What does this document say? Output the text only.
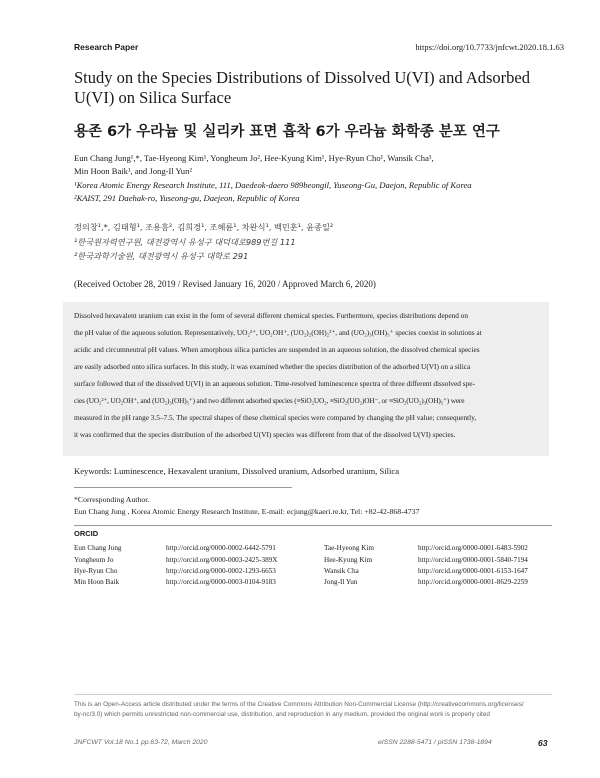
Research Paper	https://doi.org/10.7733/jnfcwt.2020.18.1.63
Study on the Species Distributions of Dissolved U(VI) and Adsorbed U(VI) on Silica Surface
용존 6가 우라늄 및 실리카 표면 흡착 6가 우라늄 화학종 분포 연구
Eun Chang Jung¹,*, Tae-Hyeong Kim¹, Yongheum Jo², Hee-Kyung Kim¹, Hye-Ryun Cho¹, Wansik Cha¹,
Min Hoon Baik¹, and Jong-Il Yun²
¹Korea Atomic Energy Research Institute, 111, Daedeok-daero 989beongil, Yuseong-Gu, Daejon, Republic of Korea
²KAIST, 291 Daehak-ro, Yuseong-gu, Daejeon, Republic of Korea
정의창¹,*, 김태형¹, 조용흠², 김희경¹, 조혜륜¹, 차완식¹, 백민훈¹, 윤종일²
¹한국원자력연구원, 대전광역시 유성구 대덕대로989번길 111
²한국과학기술원, 대전광역시 유성구 대학로 291
(Received October 28, 2019 / Revised January 16, 2020 / Approved March 6, 2020)
Dissolved hexavalent uranium can exist in the form of several different chemical species. Furthermore, species distributions depend on
the pH value of the aqueous solution. Representatively, UO₂²⁺, UO₂OH⁺, (UO₂)₂(OH)₂²⁺, and (UO₂)₃(OH)₅⁺ species coexist in solutions at
acidic and circumneutral pH values. When amorphous silica particles are suspended in an aqueous solution, the dissolved chemical species
are easily adsorbed onto silica surfaces. In this study, it was examined whether the species distribution of the adsorbed U(VI) on a silica
surface followed that of the dissolved U(VI) in an aqueous solution. Time-resolved luminescence spectra of three different dissolved spe-
cies (UO₂²⁺, UO₂OH⁺, and (UO₂)₃(OH)₅⁺) and two different adsorbed species (≡SiO₂UO₂, ≡SiO₂(UO₂)OH⁻, or ≡SiO₂(UO₂)₃(OH)₅⁺) were
measured in the pH range 3.5–7.5. The spectral shapes of these chemical species were compared by changing the pH value; consequently,
it was confirmed that the species distribution of the adsorbed U(VI) species was different from that of the dissolved U(VI) species.
Keywords: Luminescence, Hexavalent uranium, Dissolved uranium, Adsorbed uranium, Silica
*Corresponding Author.
Eun Chang Jung , Korea Atomic Energy Research Institute, E-mail: ecjung@kaeri.re.kr, Tel: +82-42-868-4737
ORCID
Eun Chang Jung	http://orcid.org/0000-0002-6442-5791	Tae-Hyeong Kim	http://orcid.org/0000-0001-6483-5902
Yongheum Jo	http://orcid.org/0000-0003-2425-389X	Hee-Kyung Kim	http://orcid.org/0000-0001-5840-7194
Hye-Ryun Cho	http://orcid.org/0000-0002-1293-6653	Wansik Cha	http://orcid.org/0000-0001-6153-1647
Min Hoon Baik	http://orcid.org/0000-0003-0104-9183	Jong-Il Yun	http://orcid.org/0000-0001-8629-2259
This is an Open-Access article distributed under the terms of the Creative Commons Attribution Non-Commercial License (http://creativecommons.org/licenses/
by-nc/3.0) which permits unrestricted non-commercial use, distribution, and reproduction in any medium, provided the original work is properly cited
JNFCWT Vol.18 No.1 pp.63-72, March 2020	eISSN 2288-5471 / pISSN 1738-1894	63
